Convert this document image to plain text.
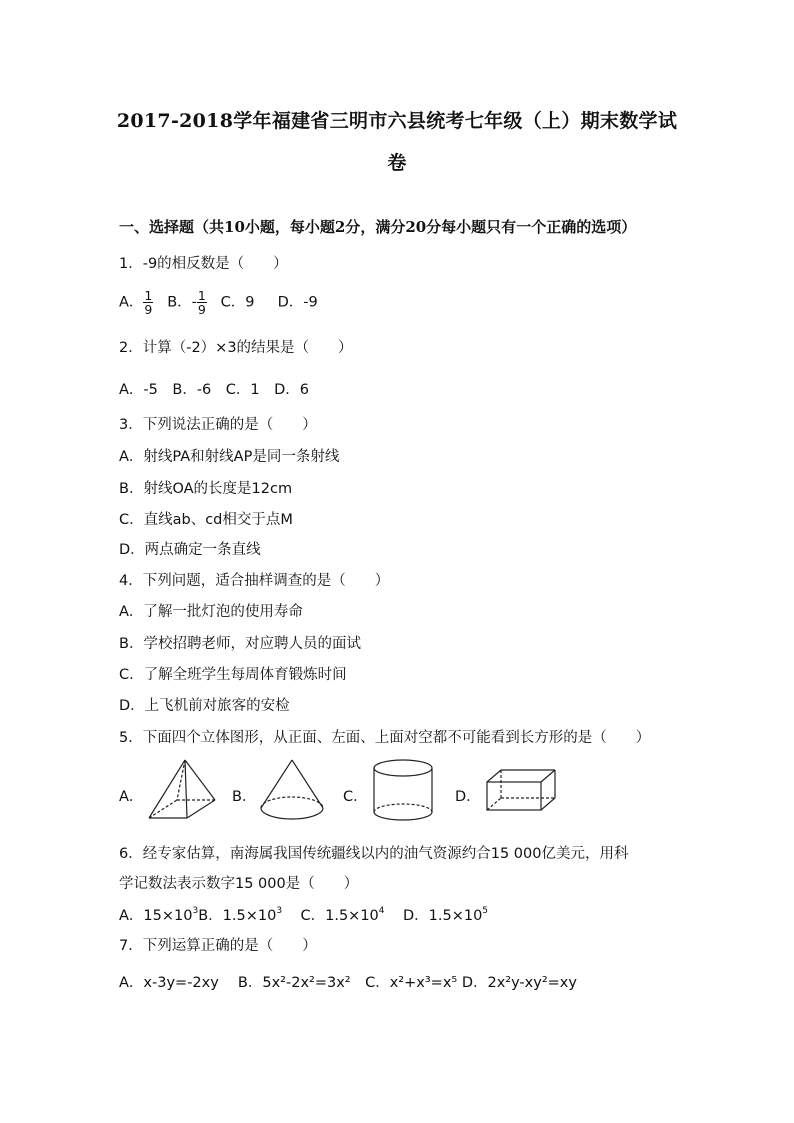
2017-2018学年福建省三明市六县统考七年级（上）期末数学试
卷
一、选择题（共10小题，每小题2分，满分20分每小题只有一个正确的选项）
1．-9的相反数是（　　）
A． $\frac{1}{9}$ B．- $\frac{1}{9}$ C．9 D．-9
2．计算（-2）×3的结果是（　　）
A．-5　B．-6　C．1　D．6
3．下列说法正确的是（　　）
A．射线PA和射线AP是同一条射线
B．射线OA的长度是12cm
C．直线ab、cd相交于点M
D．两点确定一条直线
4．下列问题，适合抽样调查的是（　　）
A．了解一批灯泡的使用寿命
B．学校招聘老师，对应聘人员的面试
C．了解全班学生每周体育锻炼时间
D．上飞机前对旅客的安检
5．下面四个立体图形，从正面、左面、上面对空都不可能看到长方形的是（　　）
A．	B．	C．	D．
6．经专家估算，南海属我国传统疆线以内的油气资源约合15 000亿美元，用科
学记数法表示数字15 000是（　　）
A．$15\times 10^3B$．$1.5\times 10^3$ C．$1.5\times 10^4$ D．$1.5\times 10^5$
7．下列运算正确的是（　　）
A．x-3y=-2xy　 B．5x²-2x²=3x²　C．x²+x³=x⁵ D．2x²y-xy²=xy
